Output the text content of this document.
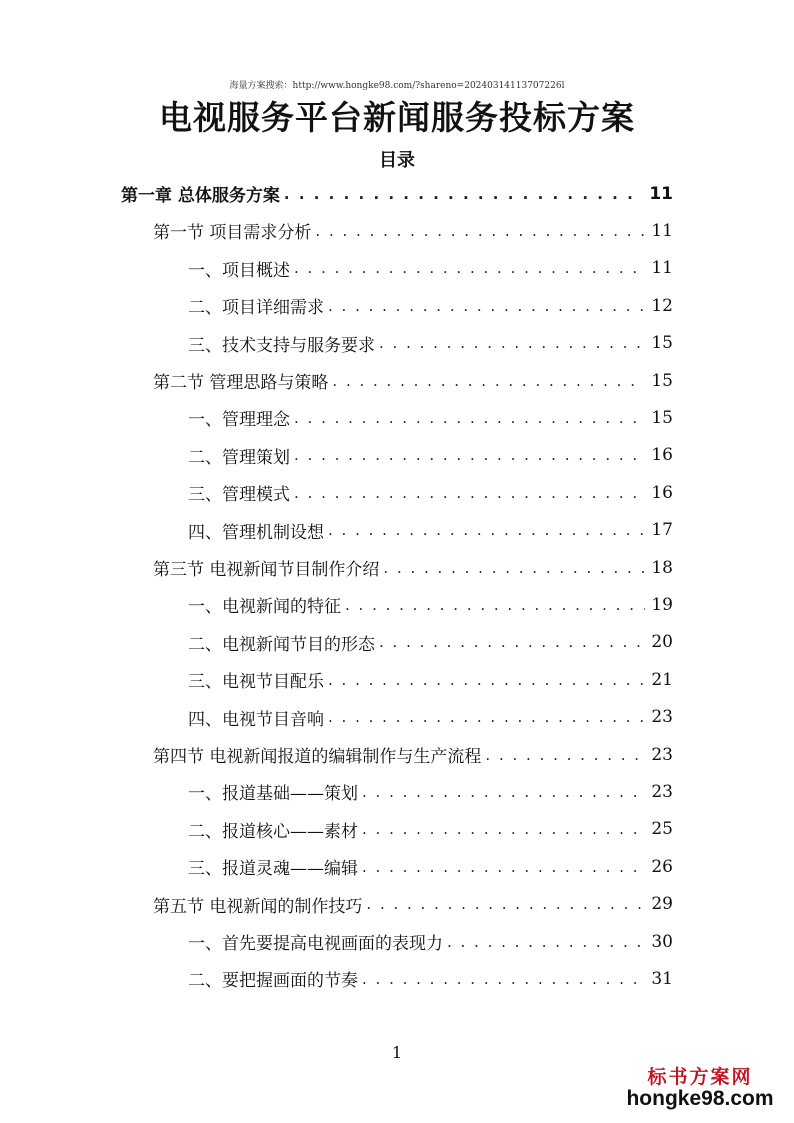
海量方案搜索：http://www.hongke98.com/?shareno=20240314113707226l
电视服务平台新闻服务投标方案
目录
第一章 总体服务方案 . . .	11
第一节 项目需求分析 . . .	11
一、项目概述 . . .	11
二、项目详细需求 . . .	12
三、技术支持与服务要求 . . .	15
第二节 管理思路与策略 . . .	15
一、管理理念 . . .	15
二、管理策划 . . .	16
三、管理模式 . . .	16
四、管理机制设想 . . .	17
第三节 电视新闻节目制作介绍 . . .	18
一、电视新闻的特征 . . .	19
二、电视新闻节目的形态 . . .	20
三、电视节目配乐 . . .	21
四、电视节目音响 . . .	23
第四节 电视新闻报道的编辑制作与生产流程 . . .	23
一、报道基础——策划 . . .	23
二、报道核心——素材 . . .	25
三、报道灵魂——编辑 . . .	26
第五节 电视新闻的制作技巧 . . .	29
一、首先要提高电视画面的表现力 . . .	30
二、要把握画面的节奏 . . .	31
1
标书方案网
hongke98.com
